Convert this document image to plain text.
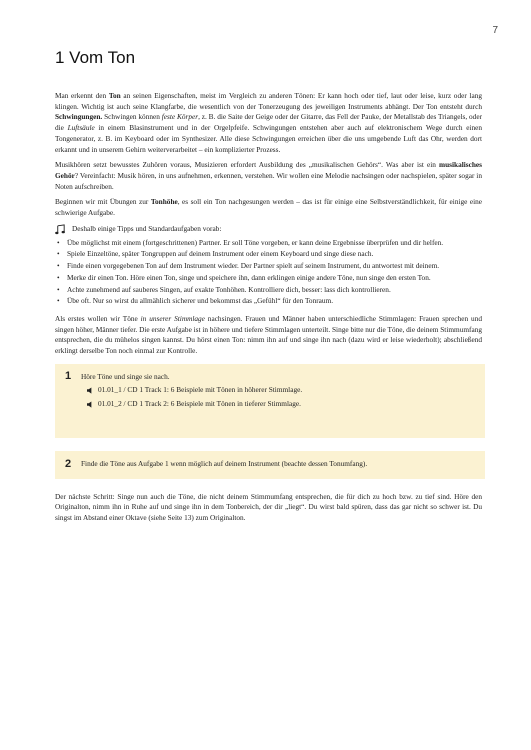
7
1 Vom Ton

Man erkennt den Ton an seinen Eigenschaften, meist im Vergleich zu anderen Tönen: Er kann hoch oder tief, laut oder leise, kurz oder lang klingen. Wichtig ist auch seine Klangfarbe, die wesentlich von der Tonerzeugung des jeweiligen Instruments abhängt. Der Ton entsteht durch Schwingungen. Schwingen können feste Körper, z. B. die Saite der Geige oder der Gitarre, das Fell der Pauke, der Metallstab des Triangels, oder die Luftsäule in einem Blasinstrument und in der Orgelpfeife. Schwingungen entstehen aber auch auf elektronischem Wege durch einen Tongenerator, z. B. im Keyboard oder im Synthesizer. Alle diese Schwingungen erreichen über die uns umgebende Luft das Ohr, werden dort erkannt und in unserem Gehirn weiterverarbeitet – ein komplizierter Prozess.

Musikhören setzt bewusstes Zuhören voraus, Musizieren erfordert Ausbildung des „musikalischen Gehörs“. Was aber ist ein musikalisches Gehör? Vereinfacht: Musik hören, in uns aufnehmen, erkennen, verstehen. Wir wollen eine Melodie nachsingen oder nachspielen, später sogar in Noten aufschreiben.

Beginnen wir mit Übungen zur Tonhöhe, es soll ein Ton nachgesungen werden – das ist für einige eine Selbstverständlichkeit, für einige eine schwierige Aufgabe.

Deshalb einige Tipps und Standardaufgaben vorab:
• Übe möglichst mit einem (fortgeschrittenen) Partner. Er soll Töne vorgeben, er kann deine Ergebnisse überprüfen und dir helfen.
• Spiele Einzeltöne, später Tongruppen auf deinem Instrument oder einem Keyboard und singe diese nach.
• Finde einen vorgegebenen Ton auf dem Instrument wieder. Der Partner spielt auf seinem Instrument, du antwortest mit deinem.
• Merke dir einen Ton. Höre einen Ton, singe und speichere ihn, dann erklingen einige andere Töne, nun singe den ersten Ton.
• Achte zunehmend auf sauberes Singen, auf exakte Tonhöhen. Kontrolliere dich, besser: lass dich kontrollieren.
• Übe oft. Nur so wirst du allmählich sicherer und bekommst das „Gefühl“ für den Tonraum.

Als erstes wollen wir Töne in unserer Stimmlage nachsingen. Frauen und Männer haben unterschiedliche Stimmlagen: Frauen sprechen und singen höher, Männer tiefer. Die erste Aufgabe ist in höhere und tiefere Stimmlagen unterteilt. Singe bitte nur die Töne, die deinem Stimmumfang entsprechen, die du mühelos singen kannst. Du hörst einen Ton: nimm ihn auf und singe ihn nach (dazu wird er leise wiederholt); abschließend erklingt derselbe Ton noch einmal zur Kontrolle.

1	Höre Töne und singe sie nach.
01.01_1 / CD 1 Track 1: 6 Beispiele mit Tönen in höherer Stimmlage.
01.01_2 / CD 1 Track 2: 6 Beispiele mit Tönen in tieferer Stimmlage.
2	Finde die Töne aus Aufgabe 1 wenn möglich auf deinem Instrument (beachte dessen Tonumfang).

Der nächste Schritt: Singe nun auch die Töne, die nicht deinem Stimmumfang entsprechen, die für dich zu hoch bzw. zu tief sind. Höre den Originalton, nimm ihn in Ruhe auf und singe ihn in dem Tonbereich, der dir „liegt“. Du wirst bald spüren, dass das gar nicht so schwer ist. Du singst im Abstand einer Oktave (siehe Seite 13) zum Originalton.
